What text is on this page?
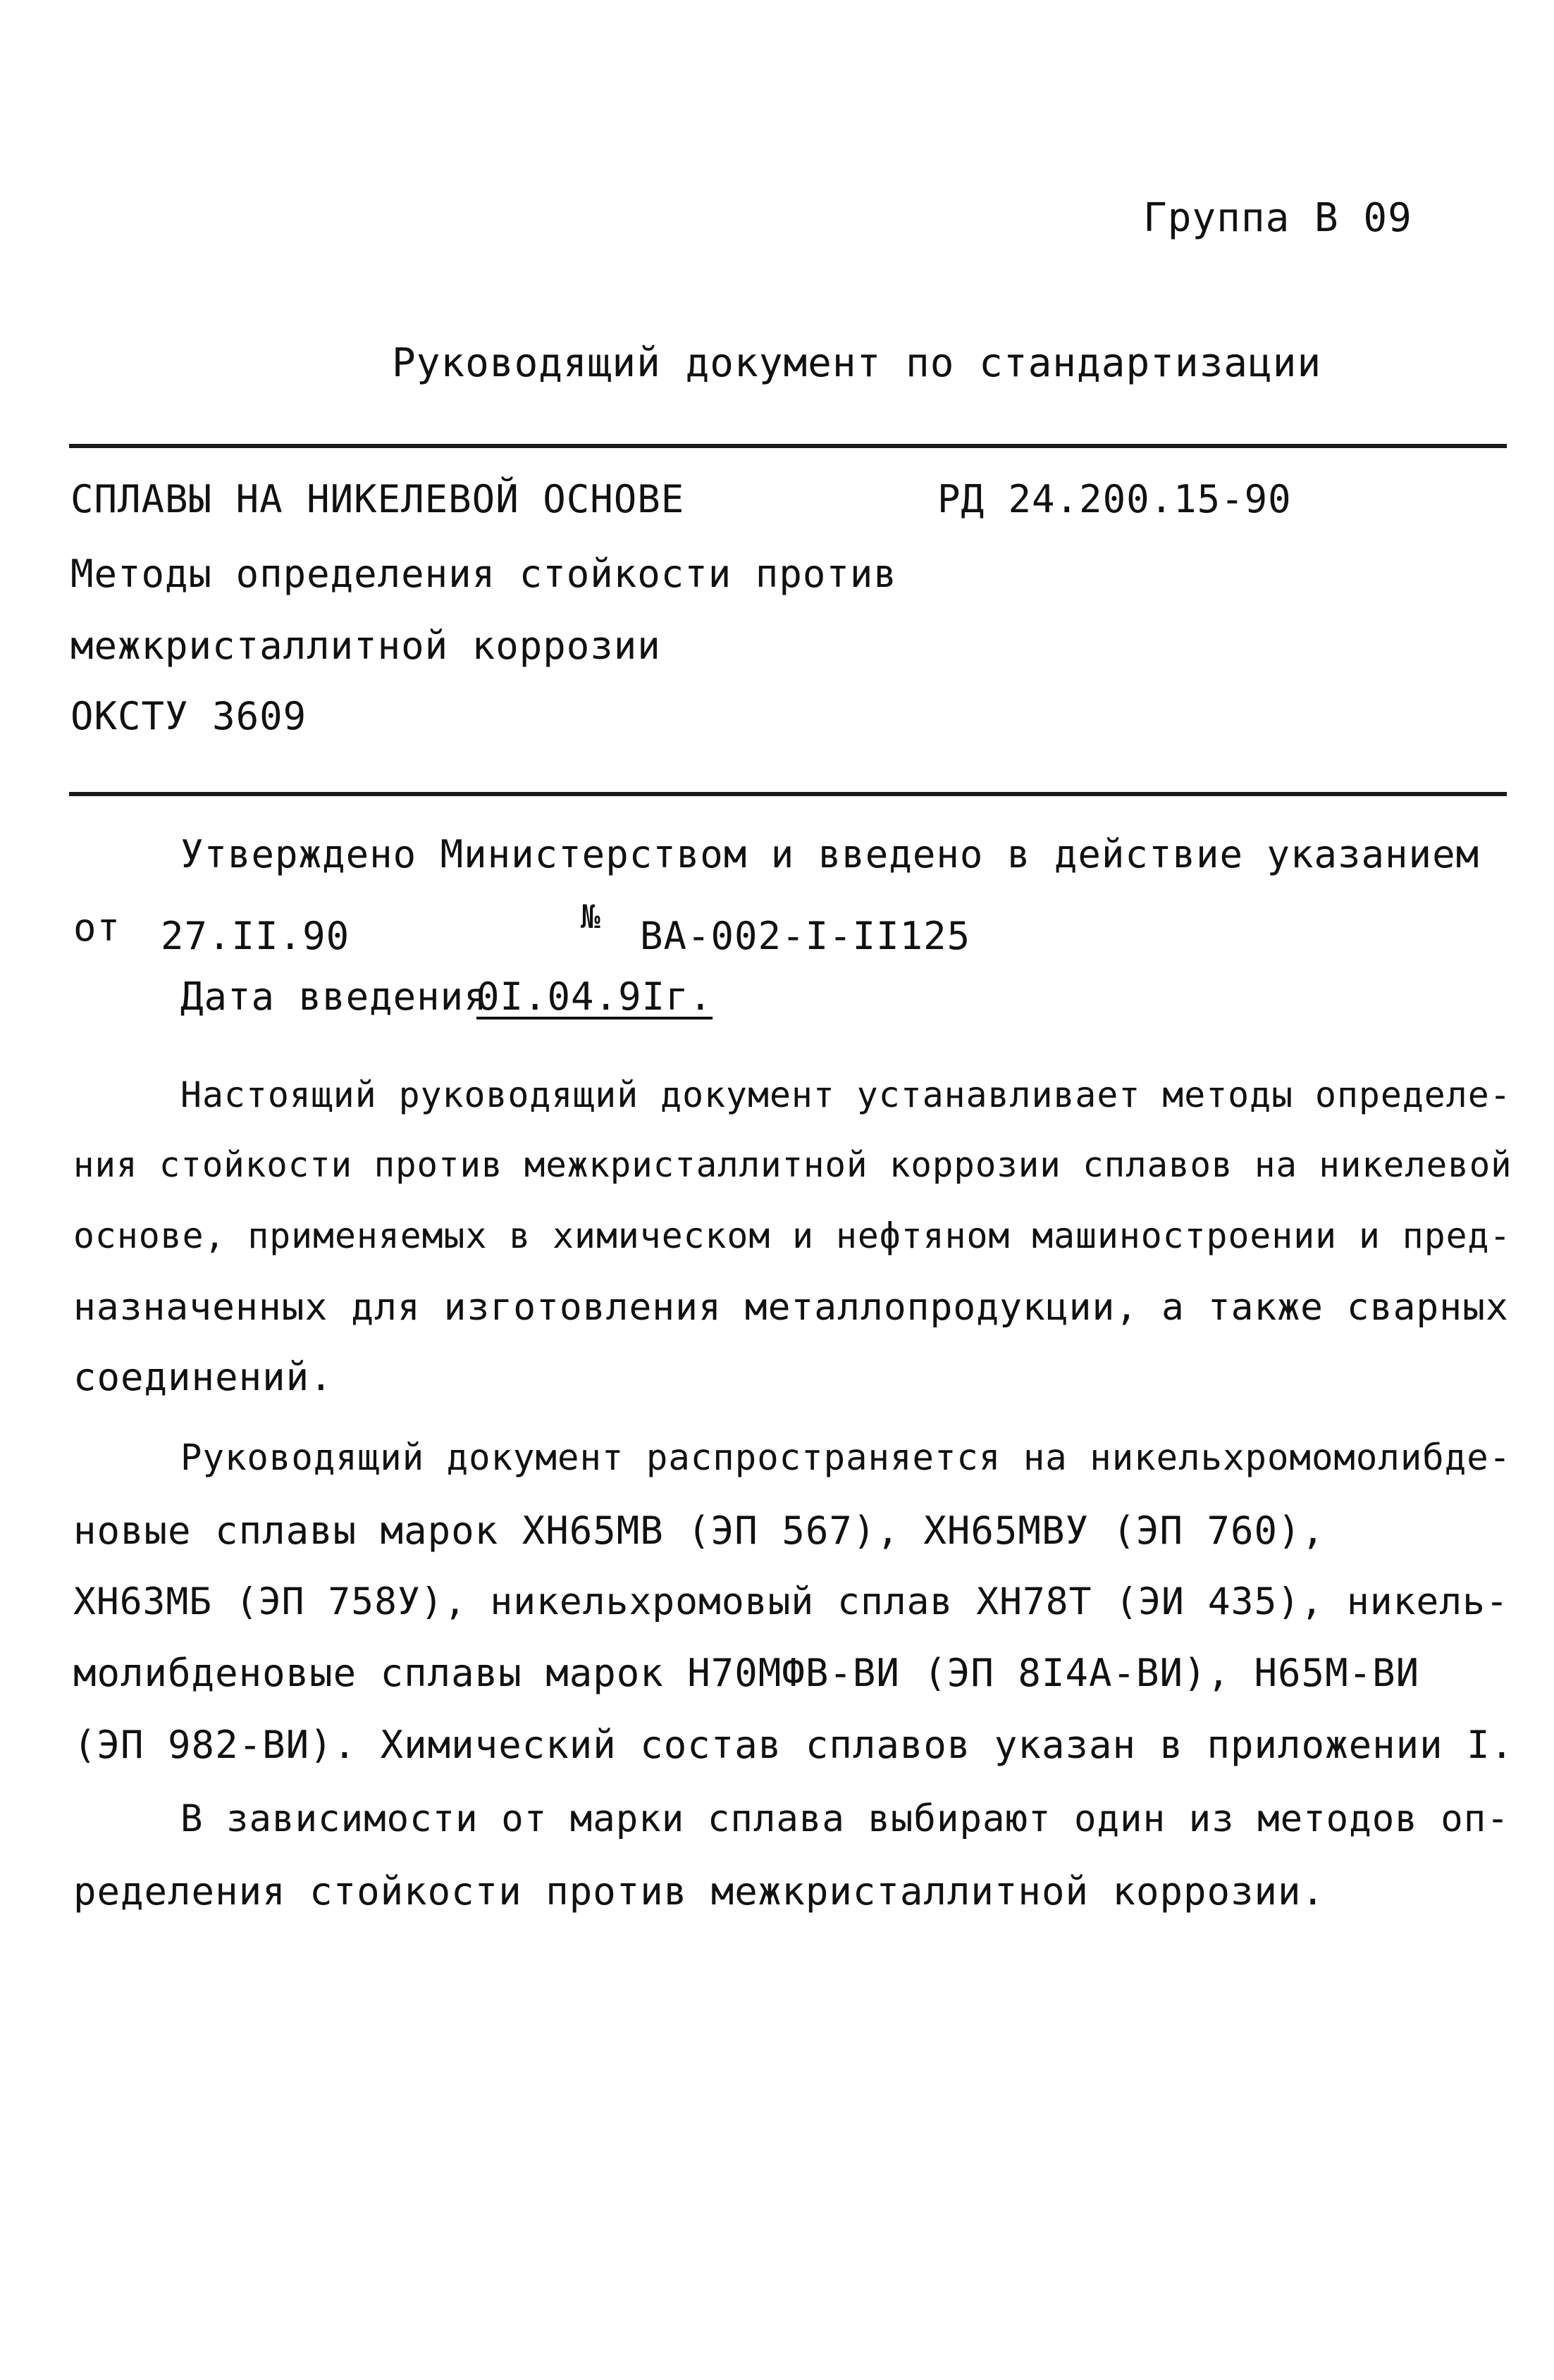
Группа В 09
Руководящий документ по стандартизации
СПЛАВЫ НА НИКЕЛЕВОЙ ОСНОВЕ	РД 24.200.15-90
Методы определения стойкости против
межкристаллитной коррозии
ОКСТУ 3609
Утверждено Министерством и введено в действие указанием
от 27.II.90	№ ВА-002-I-II125
Дата введения
0I.04.9Iг.
Настоящий руководящий документ устанавливает методы определе-
ния стойкости против межкристаллитной коррозии сплавов на никелевой
основе, применяемых в химическом и нефтяном машиностроении и пред-
назначенных для изготовления металлопродукции, а также сварных
соединений.
Руководящий документ распространяется на никельхромомолибде-
новые сплавы марок ХН65МВ (ЭП 567), ХН65МВУ (ЭП 760),
ХН63МБ (ЭП 758У), никельхромовый сплав ХН78Т (ЭИ 435), никель-
молибденовые сплавы марок Н70МФВ-ВИ (ЭП 8I4А-ВИ), Н65М-ВИ
(ЭП 982-ВИ). Химический состав сплавов указан в приложении I.
В зависимости от марки сплава выбирают один из методов оп-
ределения стойкости против межкристаллитной коррозии.
